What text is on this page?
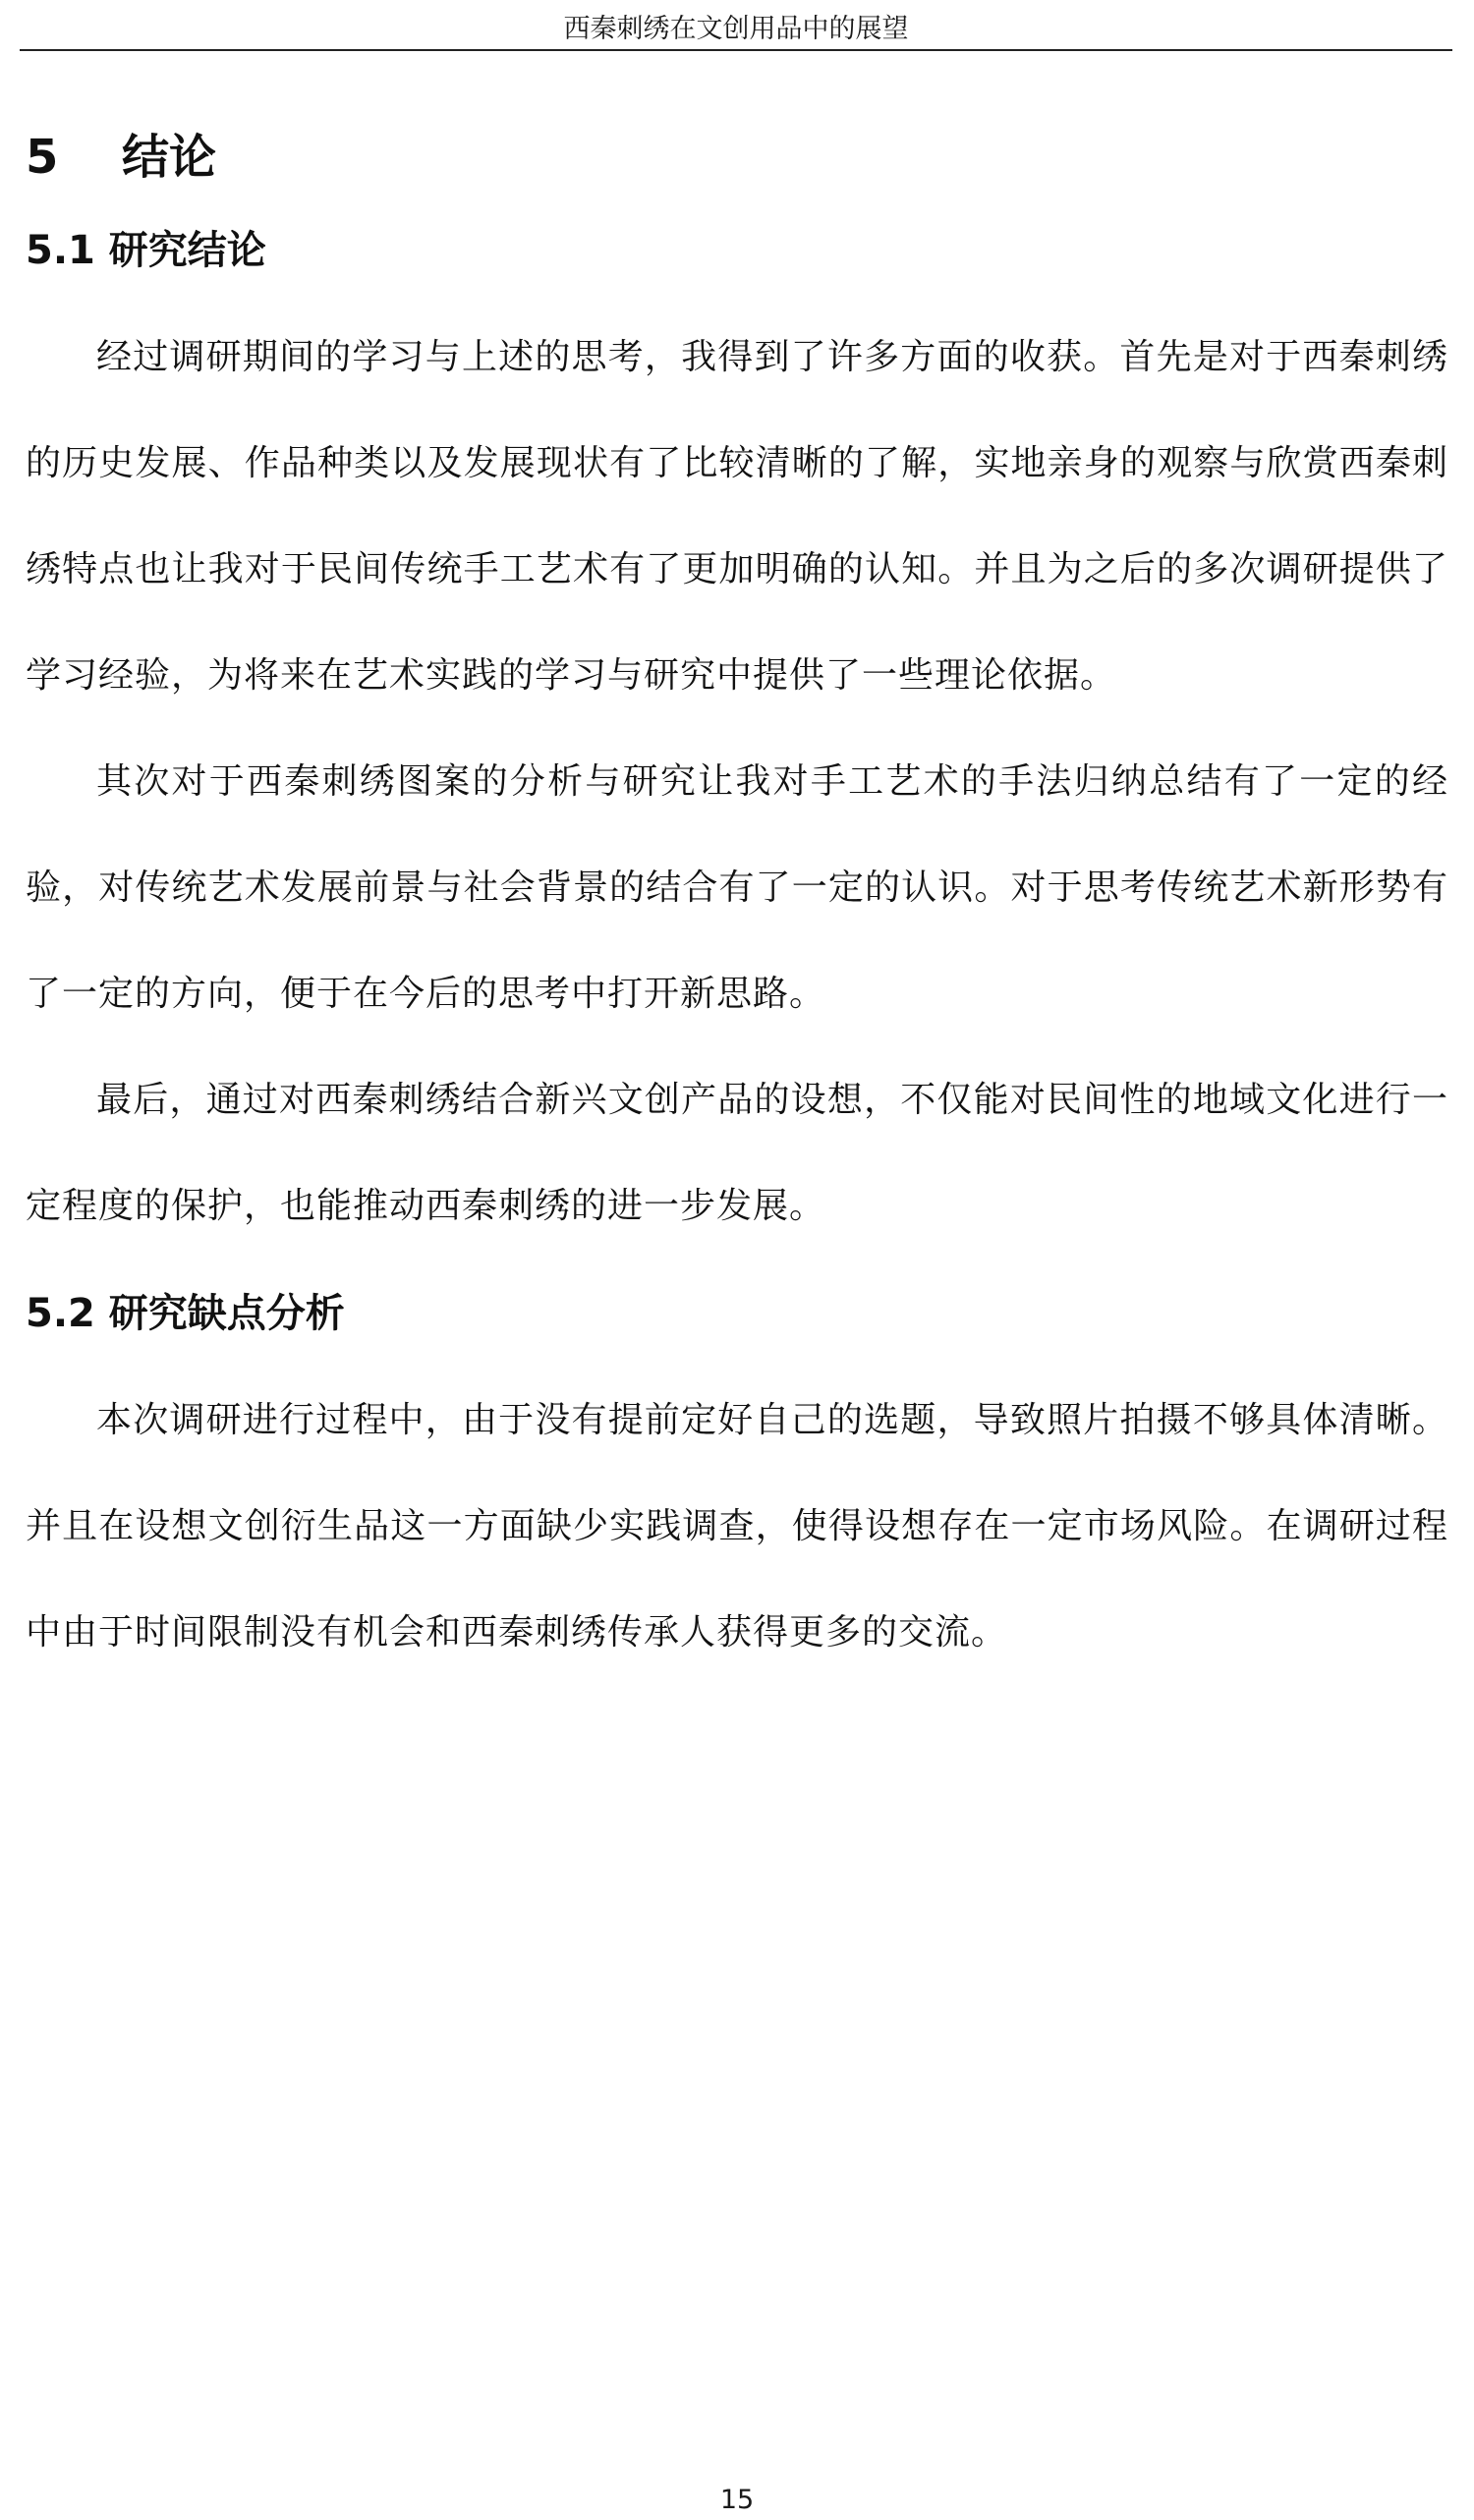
西秦刺绣在文创用品中的展望
5 结论
5.1 研究结论

经过调研期间的学习与上述的思考，我得到了许多方面的收获。首先是对于西秦刺绣的历史发展、作品种类以及发展现状有了比较清晰的了解，实地亲身的观察与欣赏西秦刺绣特点也让我对于民间传统手工艺术有了更加明确的认知。并且为之后的多次调研提供了学习经验，为将来在艺术实践的学习与研究中提供了一些理论依据。

其次对于西秦刺绣图案的分析与研究让我对手工艺术的手法归纳总结有了一定的经验，对传统艺术发展前景与社会背景的结合有了一定的认识。对于思考传统艺术新形势有了一定的方向，便于在今后的思考中打开新思路。

最后，通过对西秦刺绣结合新兴文创产品的设想，不仅能对民间性的地域文化进行一定程度的保护，也能推动西秦刺绣的进一步发展。

5.2 研究缺点分析

本次调研进行过程中，由于没有提前定好自己的选题，导致照片拍摄不够具体清晰。并且在设想文创衍生品这一方面缺少实践调查，使得设想存在一定市场风险。在调研过程中由于时间限制没有机会和西秦刺绣传承人获得更多的交流。

15
